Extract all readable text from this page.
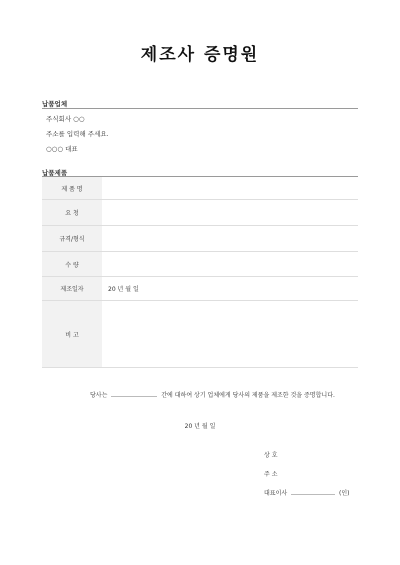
제조사 증명원
납품업체
주식회사 ○○
주소를 입력해 주세요.
○○○ 대표
납품제품
제 품 명
요 청
규격/형식
수 량
제조일자	20 년 월 일
비 고
당사는	간에 대하여 상기 업체에게 당사의 제품을 제조한 것을 증명합니다.
20 년 월 일
상 호
주 소
대표이사	(인)
